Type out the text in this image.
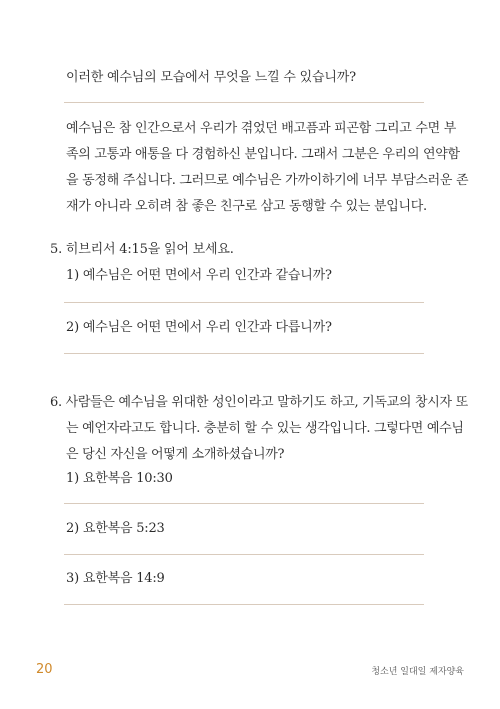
이러한 예수님의 모습에서 무엇을 느낄 수 있습니까?
예수님은 참 인간으로서 우리가 겪었던 배고픔과 피곤함 그리고 수면 부
족의 고통과 애통을 다 경험하신 분입니다. 그래서 그분은 우리의 연약함
을 동정해 주십니다. 그러므로 예수님은 가까이하기에 너무 부담스러운 존
재가 아니라 오히려 참 좋은 친구로 삼고 동행할 수 있는 분입니다.
5. 히브리서 4:15을 읽어 보세요.
1) 예수님은 어떤 면에서 우리 인간과 같습니까?
2) 예수님은 어떤 면에서 우리 인간과 다릅니까?
6. 사람들은 예수님을 위대한 성인이라고 말하기도 하고, 기독교의 창시자 또
는 예언자라고도 합니다. 충분히 할 수 있는 생각입니다. 그렇다면 예수님
은 당신 자신을 어떻게 소개하셨습니까?
1) 요한복음 10:30
2) 요한복음 5:23
3) 요한복음 14:9
20	청소년 일대일 제자양육
